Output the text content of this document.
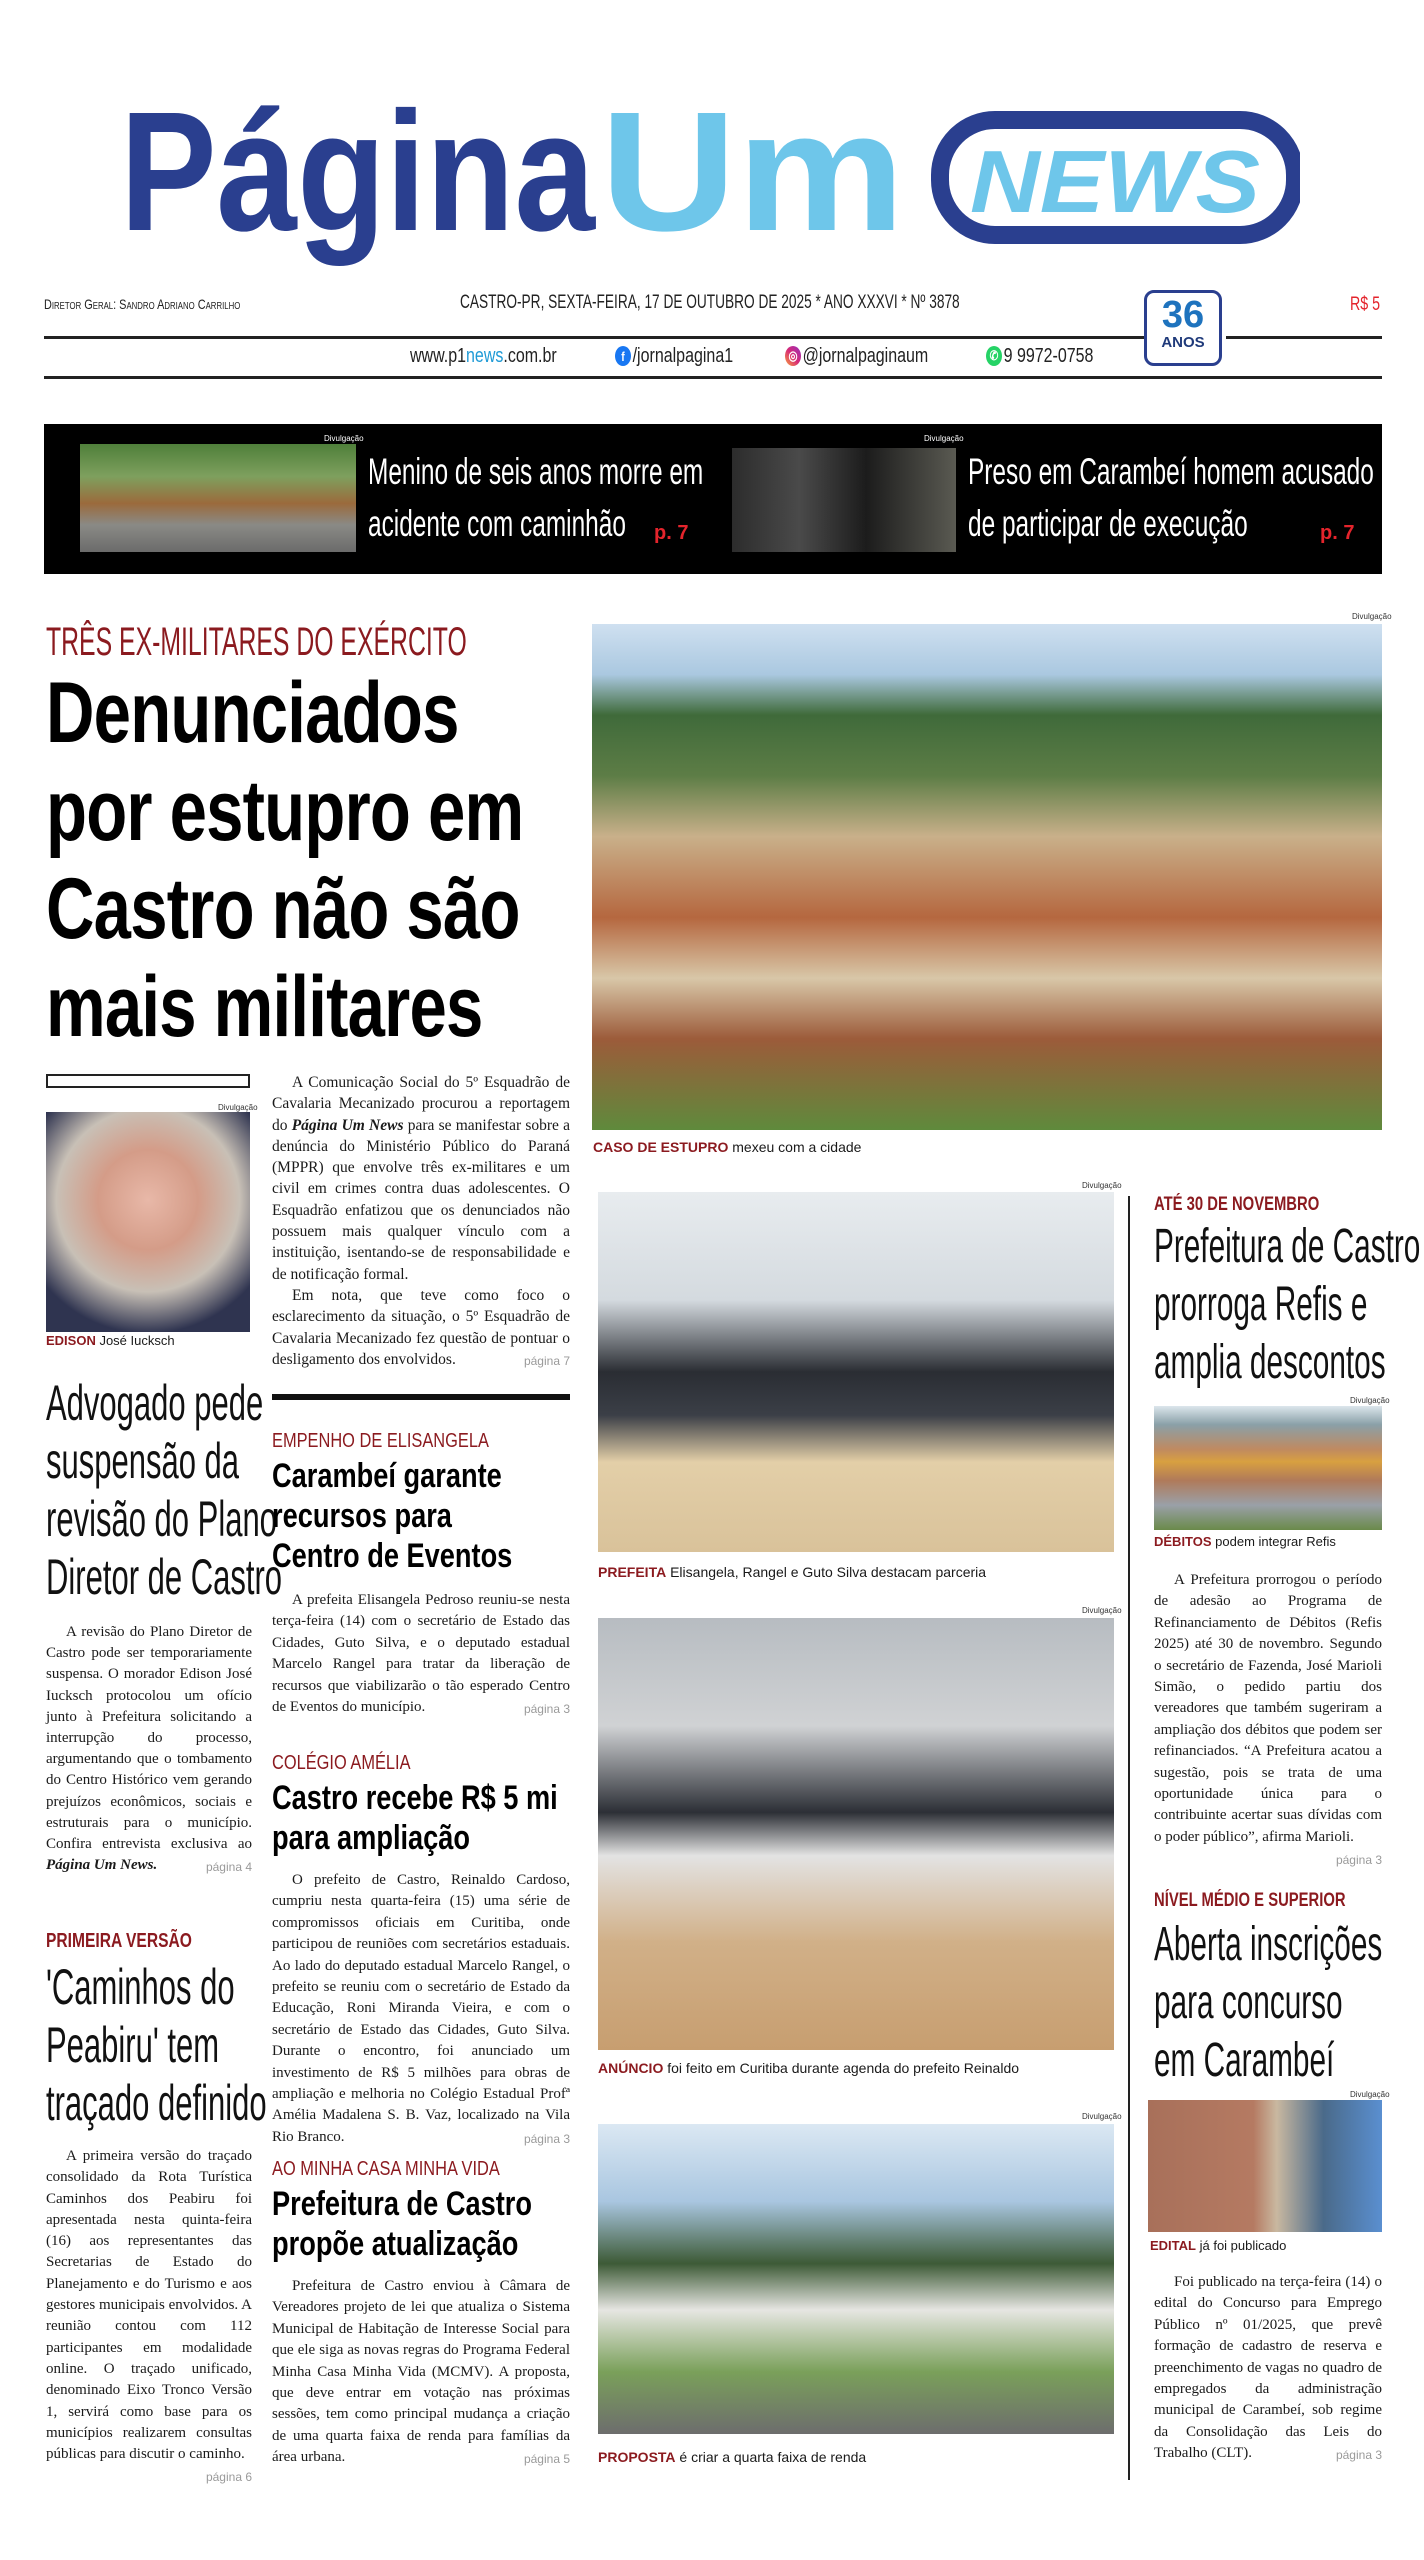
Página Um NEWS
Diretor Geral: Sandro Adriano Carrilho	CASTRO-PR, SEXTA-FEIRA, 17 DE OUTUBRO DE 2025 * ANO XXXVI * Nº 3878	R$ 5
36
ANOS
www.p1news.com.br	f /jornalpagina1	◎ @jornalpaginaum	✆ 9 9972-0758
Divulgação
Menino de seis anos morre em
acidente com caminhão	p. 7
Divulgação
Preso em Carambeí homem acusado
de participar de execução	p. 7
TRÊS EX-MILITARES DO EXÉRCITO
Denunciados
por estupro em
Castro não são
mais militares
Divulgação
CASO DE ESTUPRO mexeu com a cidade
Divulgação
EDISON José Iucksch

A Comunicação Social do 5º Esquadrão de Cavalaria Mecanizado procurou a reportagem do Página Um News para se manifestar sobre a denúncia do Ministério Público do Paraná (MPPR) que envolve três ex-militares e um civil em crimes contra duas adolescentes. O Esquadrão enfatizou que os denunciados não possuem mais qualquer vínculo com a instituição, isentando-se de responsabilidade e de notificação formal.

Em nota, que teve como foco o esclarecimento da situação, o 5º Esquadrão de Cavalaria Mecanizado fez questão de pontuar o desligamento dos envolvidos.	página 7

Advogado pede
suspensão da
revisão do Plano
Diretor de Castro

A revisão do Plano Diretor de Castro pode ser temporariamente suspensa. O morador Edison José Iucksch protocolou um ofício junto à Prefeitura solicitando a interrupção do processo, argumentando que o tombamento do Centro Histórico vem gerando prejuízos econômicos, sociais e estruturais para o município. Confira entrevista exclusiva ao Página Um News.	página 4

PRIMEIRA VERSÃO
'Caminhos do
Peabiru' tem
traçado definido

A primeira versão do traçado consolidado da Rota Turística Caminhos dos Peabiru foi apresentada nesta quinta-feira (16) aos representantes das Secretarias de Estado do Planejamento e do Turismo e aos gestores municipais envolvidos. A reunião contou com 112 participantes em modalidade online. O traçado unificado, denominado Eixo Tronco Versão 1, servirá como base para os municípios realizarem consultas públicas para discutir o caminho.
página 6

EMPENHO DE ELISANGELA
Carambeí garante
recursos para
Centro de Eventos

A prefeita Elisangela Pedroso reuniu-se nesta terça-feira (14) com o secretário de Estado das Cidades, Guto Silva, e o deputado estadual Marcelo Rangel para tratar da liberação de recursos que viabilizarão o tão esperado Centro de Eventos do município.	página 3

COLÉGIO AMÉLIA
Castro recebe R$ 5 mi
para ampliação

O prefeito de Castro, Reinaldo Cardoso, cumpriu nesta quarta-feira (15) uma série de compromissos oficiais em Curitiba, onde participou de reuniões com secretários estaduais. Ao lado do deputado estadual Marcelo Rangel, o prefeito se reuniu com o secretário de Estado da Educação, Roni Miranda Vieira, e com o secretário de Estado das Cidades, Guto Silva. Durante o encontro, foi anunciado um investimento de R$ 5 milhões para obras de ampliação e melhoria no Colégio Estadual Profª Amélia Madalena S. B. Vaz, localizado na Vila Rio Branco.	página 3

AO MINHA CASA MINHA VIDA
Prefeitura de Castro
propõe atualização

Prefeitura de Castro enviou à Câmara de Vereadores projeto de lei que atualiza o Sistema Municipal de Habitação de Interesse Social para que ele siga as novas regras do Programa Federal Minha Casa Minha Vida (MCMV). A proposta, que deve entrar em votação nas próximas sessões, tem como principal mudança a criação de uma quarta faixa de renda para famílias da área urbana.	página 5

Divulgação
PREFEITA Elisangela, Rangel e Guto Silva destacam parceria
Divulgação
ANÚNCIO foi feito em Curitiba durante agenda do prefeito Reinaldo
Divulgação
PROPOSTA é criar a quarta faixa de renda
ATÉ 30 DE NOVEMBRO
Prefeitura de Castro
prorroga Refis e
amplia descontos
Divulgação
DÉBITOS podem integrar Refis

A Prefeitura prorrogou o período de adesão ao Programa de Refinanciamento de Débitos (Refis 2025) até 30 de novembro. Segundo o secretário de Fazenda, José Marioli Simão, o pedido partiu dos vereadores que também sugeriram a ampliação dos débitos que podem ser refinanciados. “A Prefeitura acatou a sugestão, pois se trata de uma oportunidade única para o contribuinte acertar suas dívidas com o poder público”, afirma Marioli.
página 3

NÍVEL MÉDIO E SUPERIOR
Aberta inscrições
para concurso
em Carambeí
Divulgação
EDITAL já foi publicado

Foi publicado na terça-feira (14) o edital do Concurso para Emprego Público nº 01/2025, que prevê formação de cadastro de reserva e preenchimento de vagas no quadro de empregados da administração municipal de Carambeí, sob regime da Consolidação das Leis do Trabalho (CLT).	página 3
